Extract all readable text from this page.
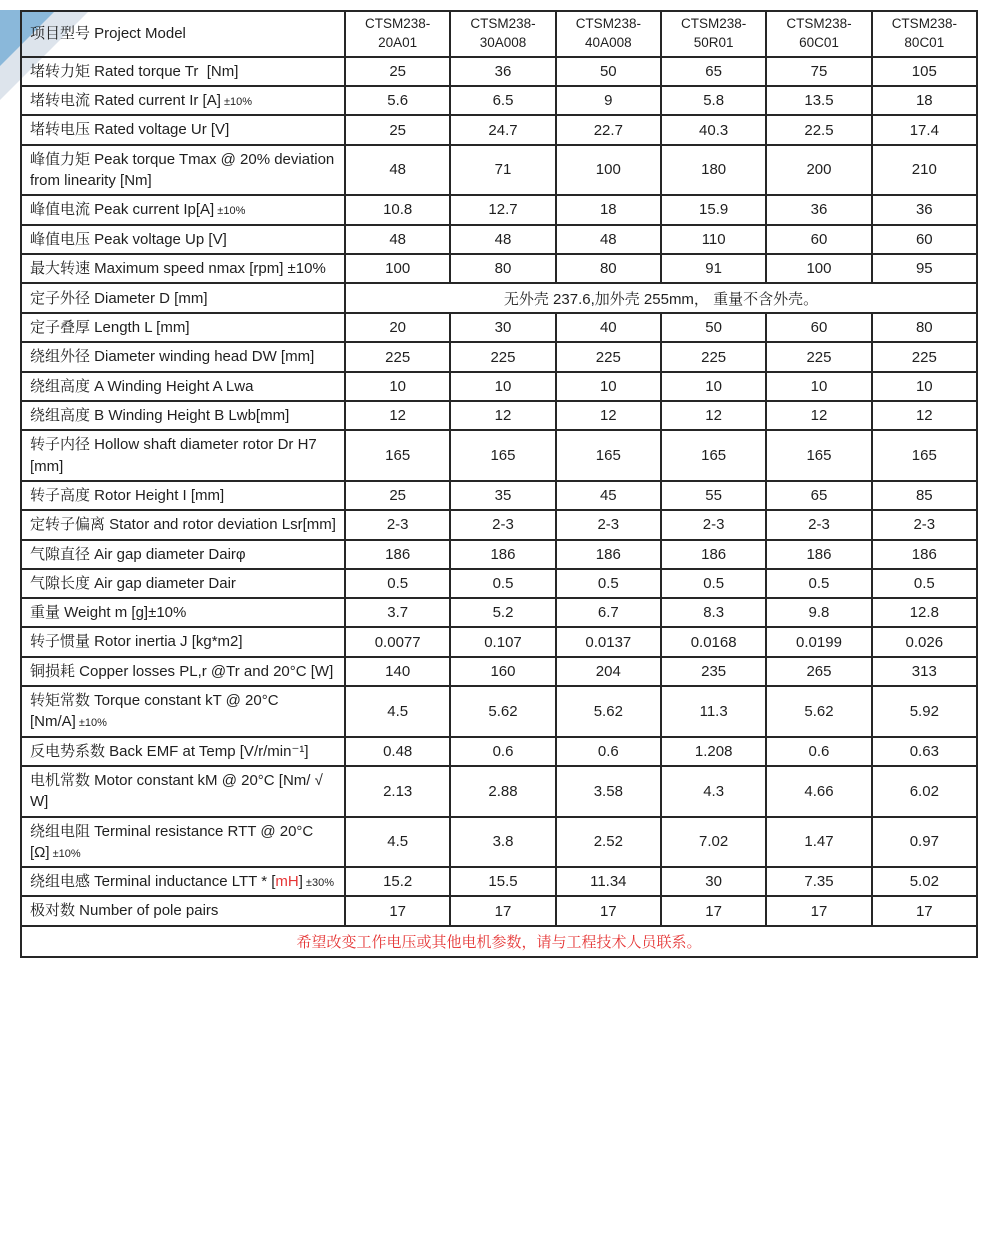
项目型号 Project Model	CTSM238-20A01	CTSM238-30A008	CTSM238-40A008	CTSM238-50R01	CTSM238-60C01	CTSM238-80C01
堵转力矩 Rated torque Tr  [Nm]	25	36	50	65	75	105
堵转电流 Rated current Ir [A] ±10%	5.6	6.5	9	5.8	13.5	18
堵转电压 Rated voltage Ur [V]	25	24.7	22.7	40.3	22.5	17.4
峰值力矩 Peak torque Tmax @ 20% deviation from linearity [Nm]	48	71	100	180	200	210
峰值电流 Peak current Ip[A] ±10%	10.8	12.7	18	15.9	36	36
峰值电压 Peak voltage Up [V]	48	48	48	110	60	60
最大转速 Maximum speed nmax [rpm] ±10%	100	80	80	91	100	95
定子外径 Diameter D [mm]	无外壳 237.6,加外壳 255mm， 重量不含外壳。					
定子叠厚 Length L [mm]	20	30	40	50	60	80
绕组外径 Diameter winding head DW [mm]	225	225	225	225	225	225
绕组高度 A Winding Height A Lwa	10	10	10	10	10	10
绕组高度 B Winding Height B Lwb[mm]	12	12	12	12	12	12
转子内径 Hollow shaft diameter rotor Dr H7 [mm]	165	165	165	165	165	165
转子高度 Rotor Height I [mm]	25	35	45	55	65	85
定转子偏离 Stator and rotor deviation Lsr[mm]	2-3	2-3	2-3	2-3	2-3	2-3
气隙直径 Air gap diameter Dairφ	186	186	186	186	186	186
气隙长度 Air gap diameter Dair	0.5	0.5	0.5	0.5	0.5	0.5
重量 Weight m [g]±10%	3.7	5.2	6.7	8.3	9.8	12.8
转子惯量 Rotor inertia J [kg*m2]	0.0077	0.107	0.0137	0.0168	0.0199	0.026
铜损耗 Copper losses PL,r @Tr and 20°C [W]	140	160	204	235	265	313
转矩常数 Torque constant kT @ 20°C [Nm/A] ±10%	4.5	5.62	5.62	11.3	5.62	5.92
反电势系数 Back EMF at Temp [V/r/min⁻¹]	0.48	0.6	0.6	1.208	0.6	0.63
电机常数 Motor constant kM @ 20°C [Nm/ √ W]	2.13	2.88	3.58	4.3	4.66	6.02
绕组电阻 Terminal resistance RTT @ 20°C [Ω] ±10%	4.5	3.8	2.52	7.02	1.47	0.97
绕组电感 Terminal inductance LTT * [mH] ±30%	15.2	15.5	11.34	30	7.35	5.02
极对数 Number of pole pairs	17	17	17	17	17	17
希望改变工作电压或其他电机参数，请与工程技术人员联系。						
